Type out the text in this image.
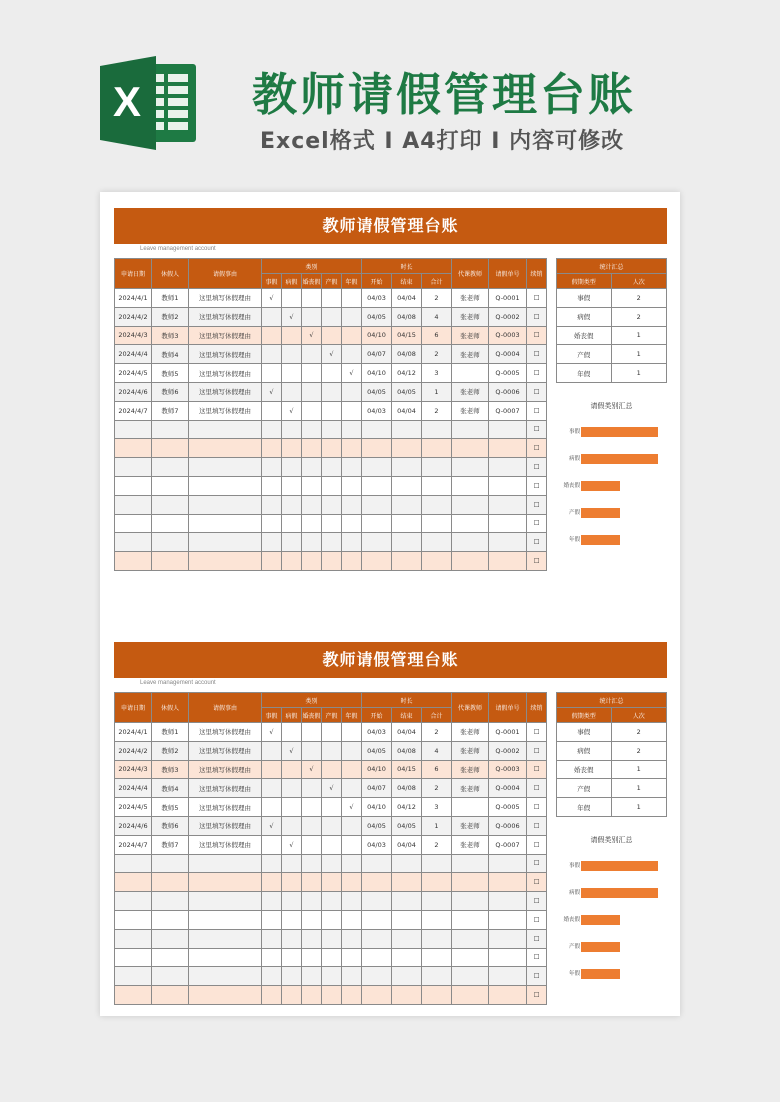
X 教师请假管理台账
Excel格式 I A4打印 I 内容可修改
教师请假管理台账
Leave management account
申请日期	休假人	请假事由	类别					时长			代课教师	请假单号	续销
			事假	病假	婚丧假	产假	年假	开始	结束	合计			
2024/4/1	教师1	这里填写休假理由	√					04/03	04/04	2	张老师	Q-0001	☐
2024/4/2	教师2	这里填写休假理由		√				04/05	04/08	4	张老师	Q-0002	☐
2024/4/3	教师3	这里填写休假理由			√			04/10	04/15	6	张老师	Q-0003	☐
2024/4/4	教师4	这里填写休假理由				√		04/07	04/08	2	张老师	Q-0004	☐
2024/4/5	教师5	这里填写休假理由					√	04/10	04/12	3		Q-0005	☐
2024/4/6	教师6	这里填写休假理由	√					04/05	04/05	1	张老师	Q-0006	☐
2024/4/7	教师7	这里填写休假理由		√				04/03	04/04	2	张老师	Q-0007	☐
													☐
													☐
													☐
													☐
													☐
													☐
													☐
													☐
统计汇总	
假期类型	人次
事假	2
病假	2
婚丧假	1
产假	1
年假	1
请假类别汇总
事假
病假
婚丧假
产假
年假
教师请假管理台账
Leave management account
申请日期	休假人	请假事由	类别					时长			代课教师	请假单号	续销
			事假	病假	婚丧假	产假	年假	开始	结束	合计			
2024/4/1	教师1	这里填写休假理由	√					04/03	04/04	2	张老师	Q-0001	☐
2024/4/2	教师2	这里填写休假理由		√				04/05	04/08	4	张老师	Q-0002	☐
2024/4/3	教师3	这里填写休假理由			√			04/10	04/15	6	张老师	Q-0003	☐
2024/4/4	教师4	这里填写休假理由				√		04/07	04/08	2	张老师	Q-0004	☐
2024/4/5	教师5	这里填写休假理由					√	04/10	04/12	3		Q-0005	☐
2024/4/6	教师6	这里填写休假理由	√					04/05	04/05	1	张老师	Q-0006	☐
2024/4/7	教师7	这里填写休假理由		√				04/03	04/04	2	张老师	Q-0007	☐
													☐
													☐
													☐
													☐
													☐
													☐
													☐
													☐
统计汇总	
假期类型	人次
事假	2
病假	2
婚丧假	1
产假	1
年假	1
请假类别汇总
事假
病假
婚丧假
产假
年假
